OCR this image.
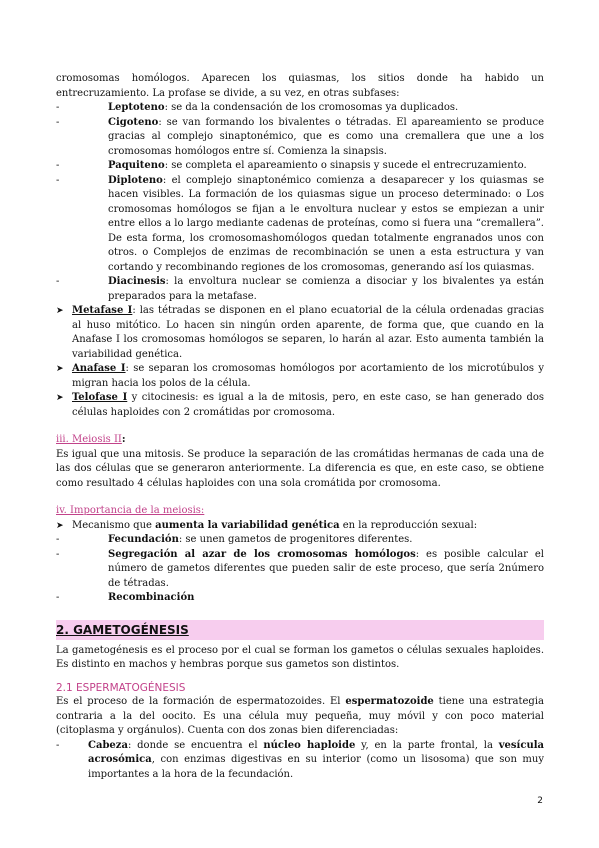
cromosomas homólogos. Aparecen los quiasmas, los sitios donde ha habido un entrecruzamiento. La profase se divide, a su vez, en otras subfases:

-	Leptoteno: se da la condensación de los cromosomas ya duplicados.
-	Cigoteno: se van formando los bivalentes o tétradas. El apareamiento se produce gracias al complejo sinaptonémico, que es como una cremallera que une a los cromosomas homólogos entre sí. Comienza la sinapsis.
-	Paquiteno: se completa el apareamiento o sinapsis y sucede el entrecruzamiento.
-	Diploteno: el complejo sinaptonémico comienza a desaparecer y los quiasmas se hacen visibles. La formación de los quiasmas sigue un proceso determinado: o Los cromosomas homólogos se fijan a le envoltura nuclear y estos se empiezan a unir entre ellos a lo largo mediante cadenas de proteínas, como si fuera una “cremallera”. De esta forma, los cromosomashomólogos quedan totalmente engranados unos con otros. o Complejos de enzimas de recombinación se unen a esta estructura y van cortando y recombinando regiones de los cromosomas, generando así los quiasmas.
-	Diacinesis: la envoltura nuclear se comienza a disociar y los bivalentes ya están preparados para la metafase.
➤ Metafase I: las tétradas se disponen en el plano ecuatorial de la célula ordenadas gracias al huso mitótico. Lo hacen sin ningún orden aparente, de forma que, que cuando en la Anafase I los cromosomas homólogos se separen, lo harán al azar. Esto aumenta también la variabilidad genética.
➤ Anafase I: se separan los cromosomas homólogos por acortamiento de los microtúbulos y migran hacia los polos de la célula.
➤ Telofase I y citocinesis: es igual a la de mitosis, pero, en este caso, se han generado dos células haploides con 2 cromátidas por cromosoma.
iii. Meiosis II:

Es igual que una mitosis. Se produce la separación de las cromátidas hermanas de cada una de las dos células que se generaron anteriormente. La diferencia es que, en este caso, se obtiene como resultado 4 células haploides con una sola cromátida por cromosoma.

iv. Importancia de la meiosis:
➤ Mecanismo que aumenta la variabilidad genética en la reproducción sexual:
-	Fecundación: se unen gametos de progenitores diferentes.
-	Segregación al azar de los cromosomas homólogos: es posible calcular el número de gametos diferentes que pueden salir de este proceso, que sería 2número de tétradas.
-	Recombinación
2. GAMETOGÉNESIS

La gametogénesis es el proceso por el cual se forman los gametos o células sexuales haploides. Es distinto en machos y hembras porque sus gametos son distintos.

2.1 ESPERMATOGÉNESIS

Es el proceso de la formación de espermatozoides. El espermatozoide tiene una estrategia contraria a la del oocito. Es una célula muy pequeña, muy móvil y con poco material (citoplasma y orgánulos). Cuenta con dos zonas bien diferenciadas:

-	Cabeza: donde se encuentra el núcleo haploide y, en la parte frontal, la vesícula acrosómica, con enzimas digestivas en su interior (como un lisosoma) que son muy importantes a la hora de la fecundación.
2
